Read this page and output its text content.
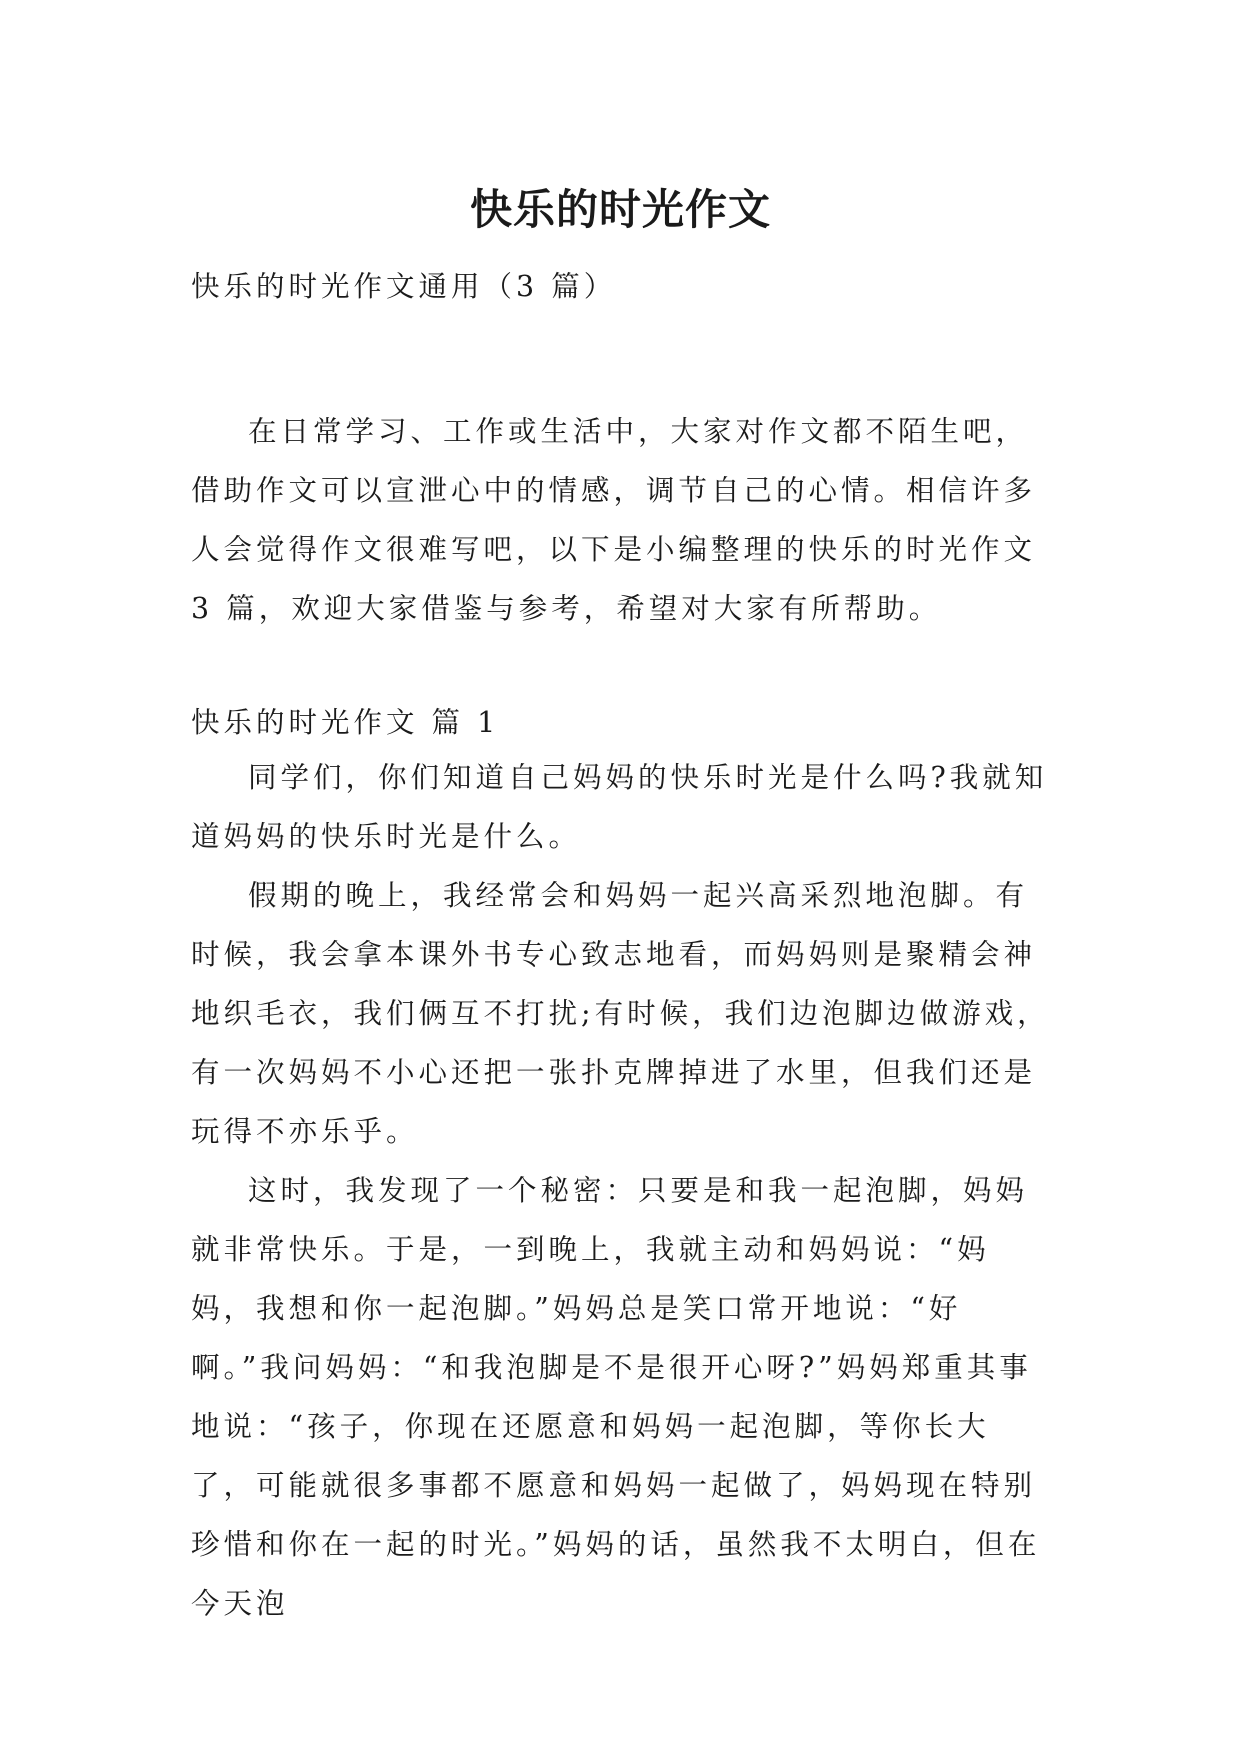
快乐的时光作文

快乐的时光作文通用（3 篇）

在日常学习、工作或生活中，大家对作文都不陌生吧，借助作文可以宣泄心中的情感，调节自己的心情。相信许多人会觉得作文很难写吧，以下是小编整理的快乐的时光作文 3 篇，欢迎大家借鉴与参考，希望对大家有所帮助。

快乐的时光作文 篇 1

同学们，你们知道自己妈妈的快乐时光是什么吗?我就知道妈妈的快乐时光是什么。

假期的晚上，我经常会和妈妈一起兴高采烈地泡脚。有时候，我会拿本课外书专心致志地看，而妈妈则是聚精会神地织毛衣，我们俩互不打扰;有时候，我们边泡脚边做游戏，有一次妈妈不小心还把一张扑克牌掉进了水里，但我们还是玩得不亦乐乎。

这时，我发现了一个秘密：只要是和我一起泡脚，妈妈就非常快乐。于是，一到晚上，我就主动和妈妈说：“妈妈，我想和你一起泡脚。”妈妈总是笑口常开地说：“好啊。”我问妈妈：“和我泡脚是不是很开心呀?”妈妈郑重其事地说：“孩子，你现在还愿意和妈妈一起泡脚，等你长大了，可能就很多事都不愿意和妈妈一起做了，妈妈现在特别珍惜和你在一起的时光。”妈妈的话，虽然我不太明白，但在今天泡
